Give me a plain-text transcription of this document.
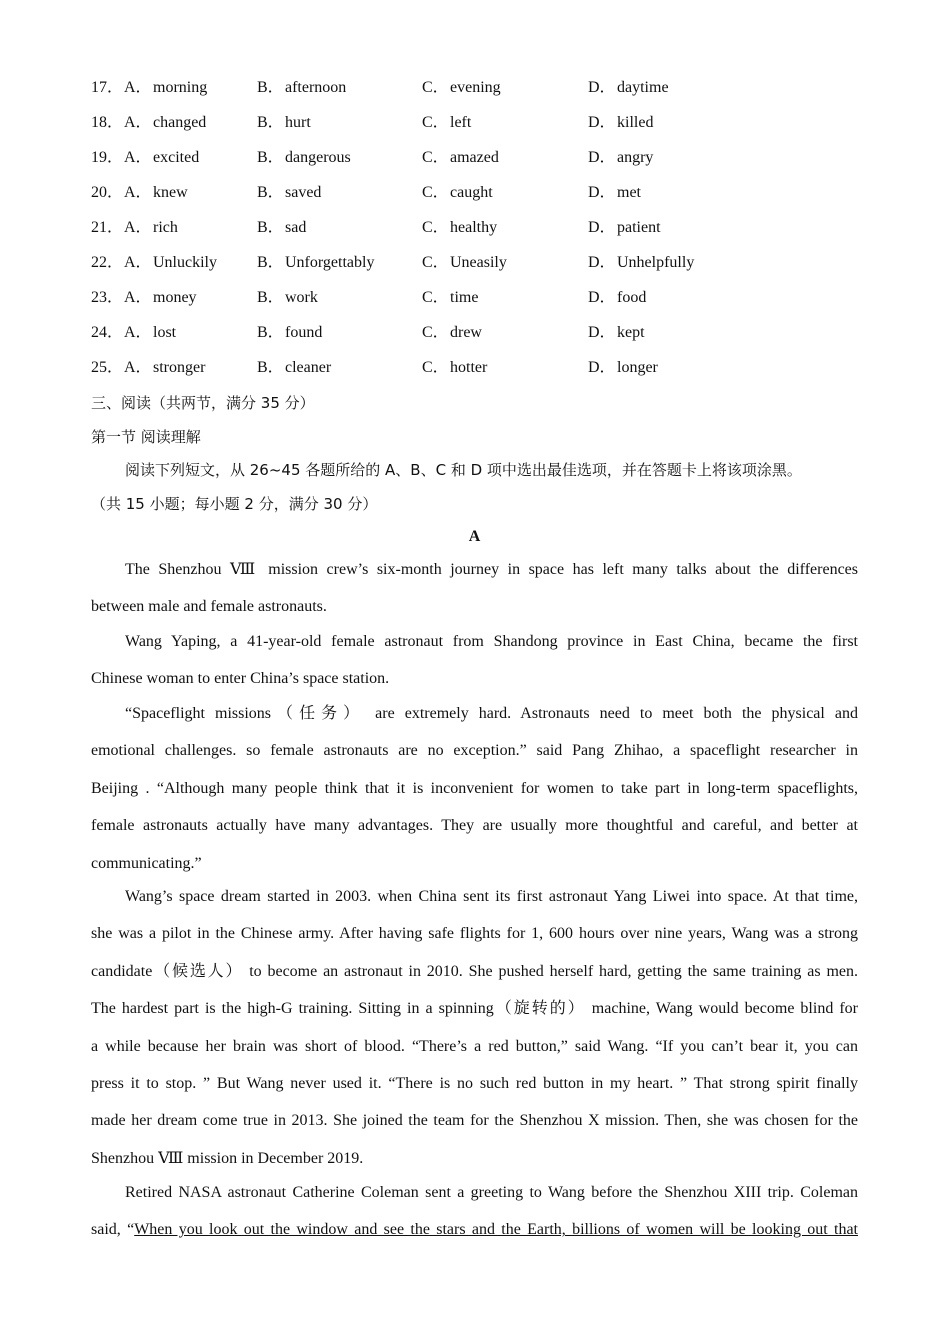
17． A．morning	B．afternoon	C．evening	D．daytime
18． A．changed	B．hurt	C．left	D．killed
19． A．excited	B．dangerous	C．amazed	D．angry
20． A．knew	B．saved	C．caught	D．met
21． A．rich	B．sad	C．healthy	D．patient
22． A．Unluckily	B．Unforgettably	C．Uneasily	D．Unhelpfully
23． A．money	B．work	C．time	D．food
24． A．lost	B．found	C．drew	D．kept
25． A．stronger	B．cleaner	C．hotter	D．longer
三、阅读（共两节，满分 35 分）
第一节 阅读理解
阅读下列短文，从 26~45 各题所给的 A、B、C 和 D 项中选出最佳选项，并在答题卡上将该项涂黑。
（共 15 小题；每小题 2 分，满分 30 分）
A
The Shenzhou Ⅷ mission crew’s six-month journey in space has left many talks about the differences
between male and female astronauts.
Wang Yaping, a 41-year-old female astronaut from Shandong province in East China, became the first
Chinese woman to enter China’s space station.
“Spaceflight missions（任务） are extremely hard. Astronauts need to meet both the physical and
emotional challenges. so female astronauts are no exception.” said Pang Zhihao, a spaceflight researcher in
Beijing . “Although many people think that it is inconvenient for women to take part in long-term spaceflights,
female astronauts actually have many advantages. They are usually more thoughtful and careful, and better at
communicating.”
Wang’s space dream started in 2003. when China sent its first astronaut Yang Liwei into space. At that time,
she was a pilot in the Chinese army. After having safe flights for 1, 600 hours over nine years, Wang was a strong
candidate（候选人） to become an astronaut in 2010. She pushed herself hard, getting the same training as men.
The hardest part is the high-G training. Sitting in a spinning（旋转的） machine, Wang would become blind for
a while because her brain was short of blood. “There’s a red button,” said Wang. “If you can’t bear it, you can
press it to stop. ” But Wang never used it. “There is no such red button in my heart. ” That strong spirit finally
made her dream come true in 2013. She joined the team for the Shenzhou X mission. Then, she was chosen for the
Shenzhou Ⅷ mission in December 2019.
Retired NASA astronaut Catherine Coleman sent a greeting to Wang before the Shenzhou XIII trip. Coleman
said, “When you look out the window and see the stars and the Earth, billions of women will be looking out that
